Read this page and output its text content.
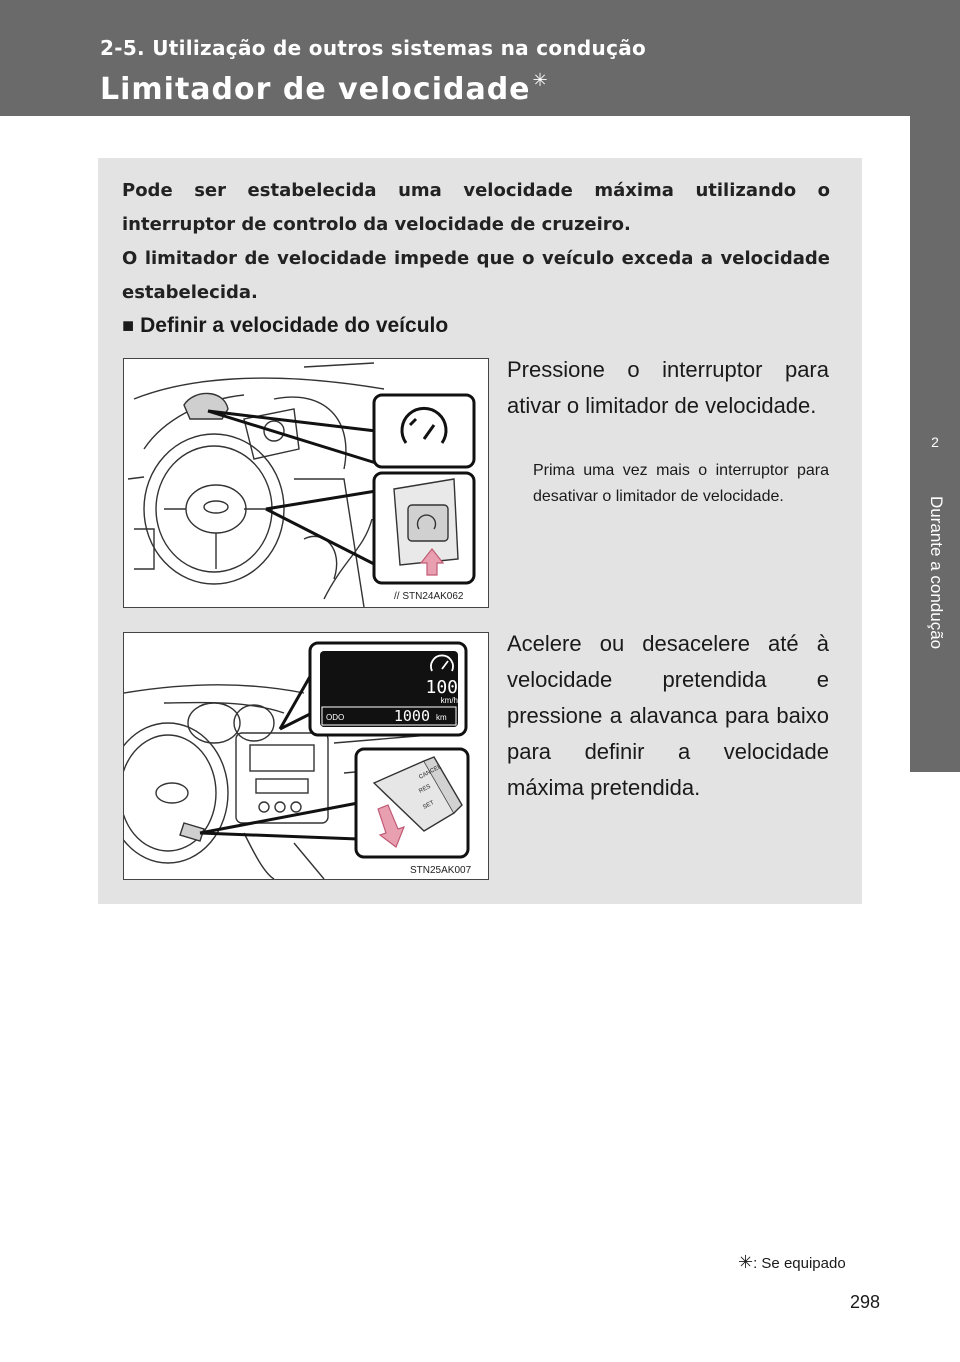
2-5. Utilização de outros sistemas na condução
Limitador de velocidade ✳
2
Durante a condução

Pode ser estabelecida uma velocidade máxima utilizando o interruptor de controlo da velocidade de cruzeiro.

O limitador de velocidade impede que o veículo exceda a velocidade estabelecida.

■ Definir a velocidade do veículo
// STN24AK062
Pressione o interruptor para ativar o limitador de velocidade.
Prima uma vez mais o interruptor para desativar o limitador de velocidade.
100
km/h
ODO	1000 km
CANCEL
RES
SET
STN25AK007
Acelere ou desacelere até à velocidade pretendida e pressione a alavanca para baixo para definir a velocidade máxima pretendida.
✳: Se equipado
298
